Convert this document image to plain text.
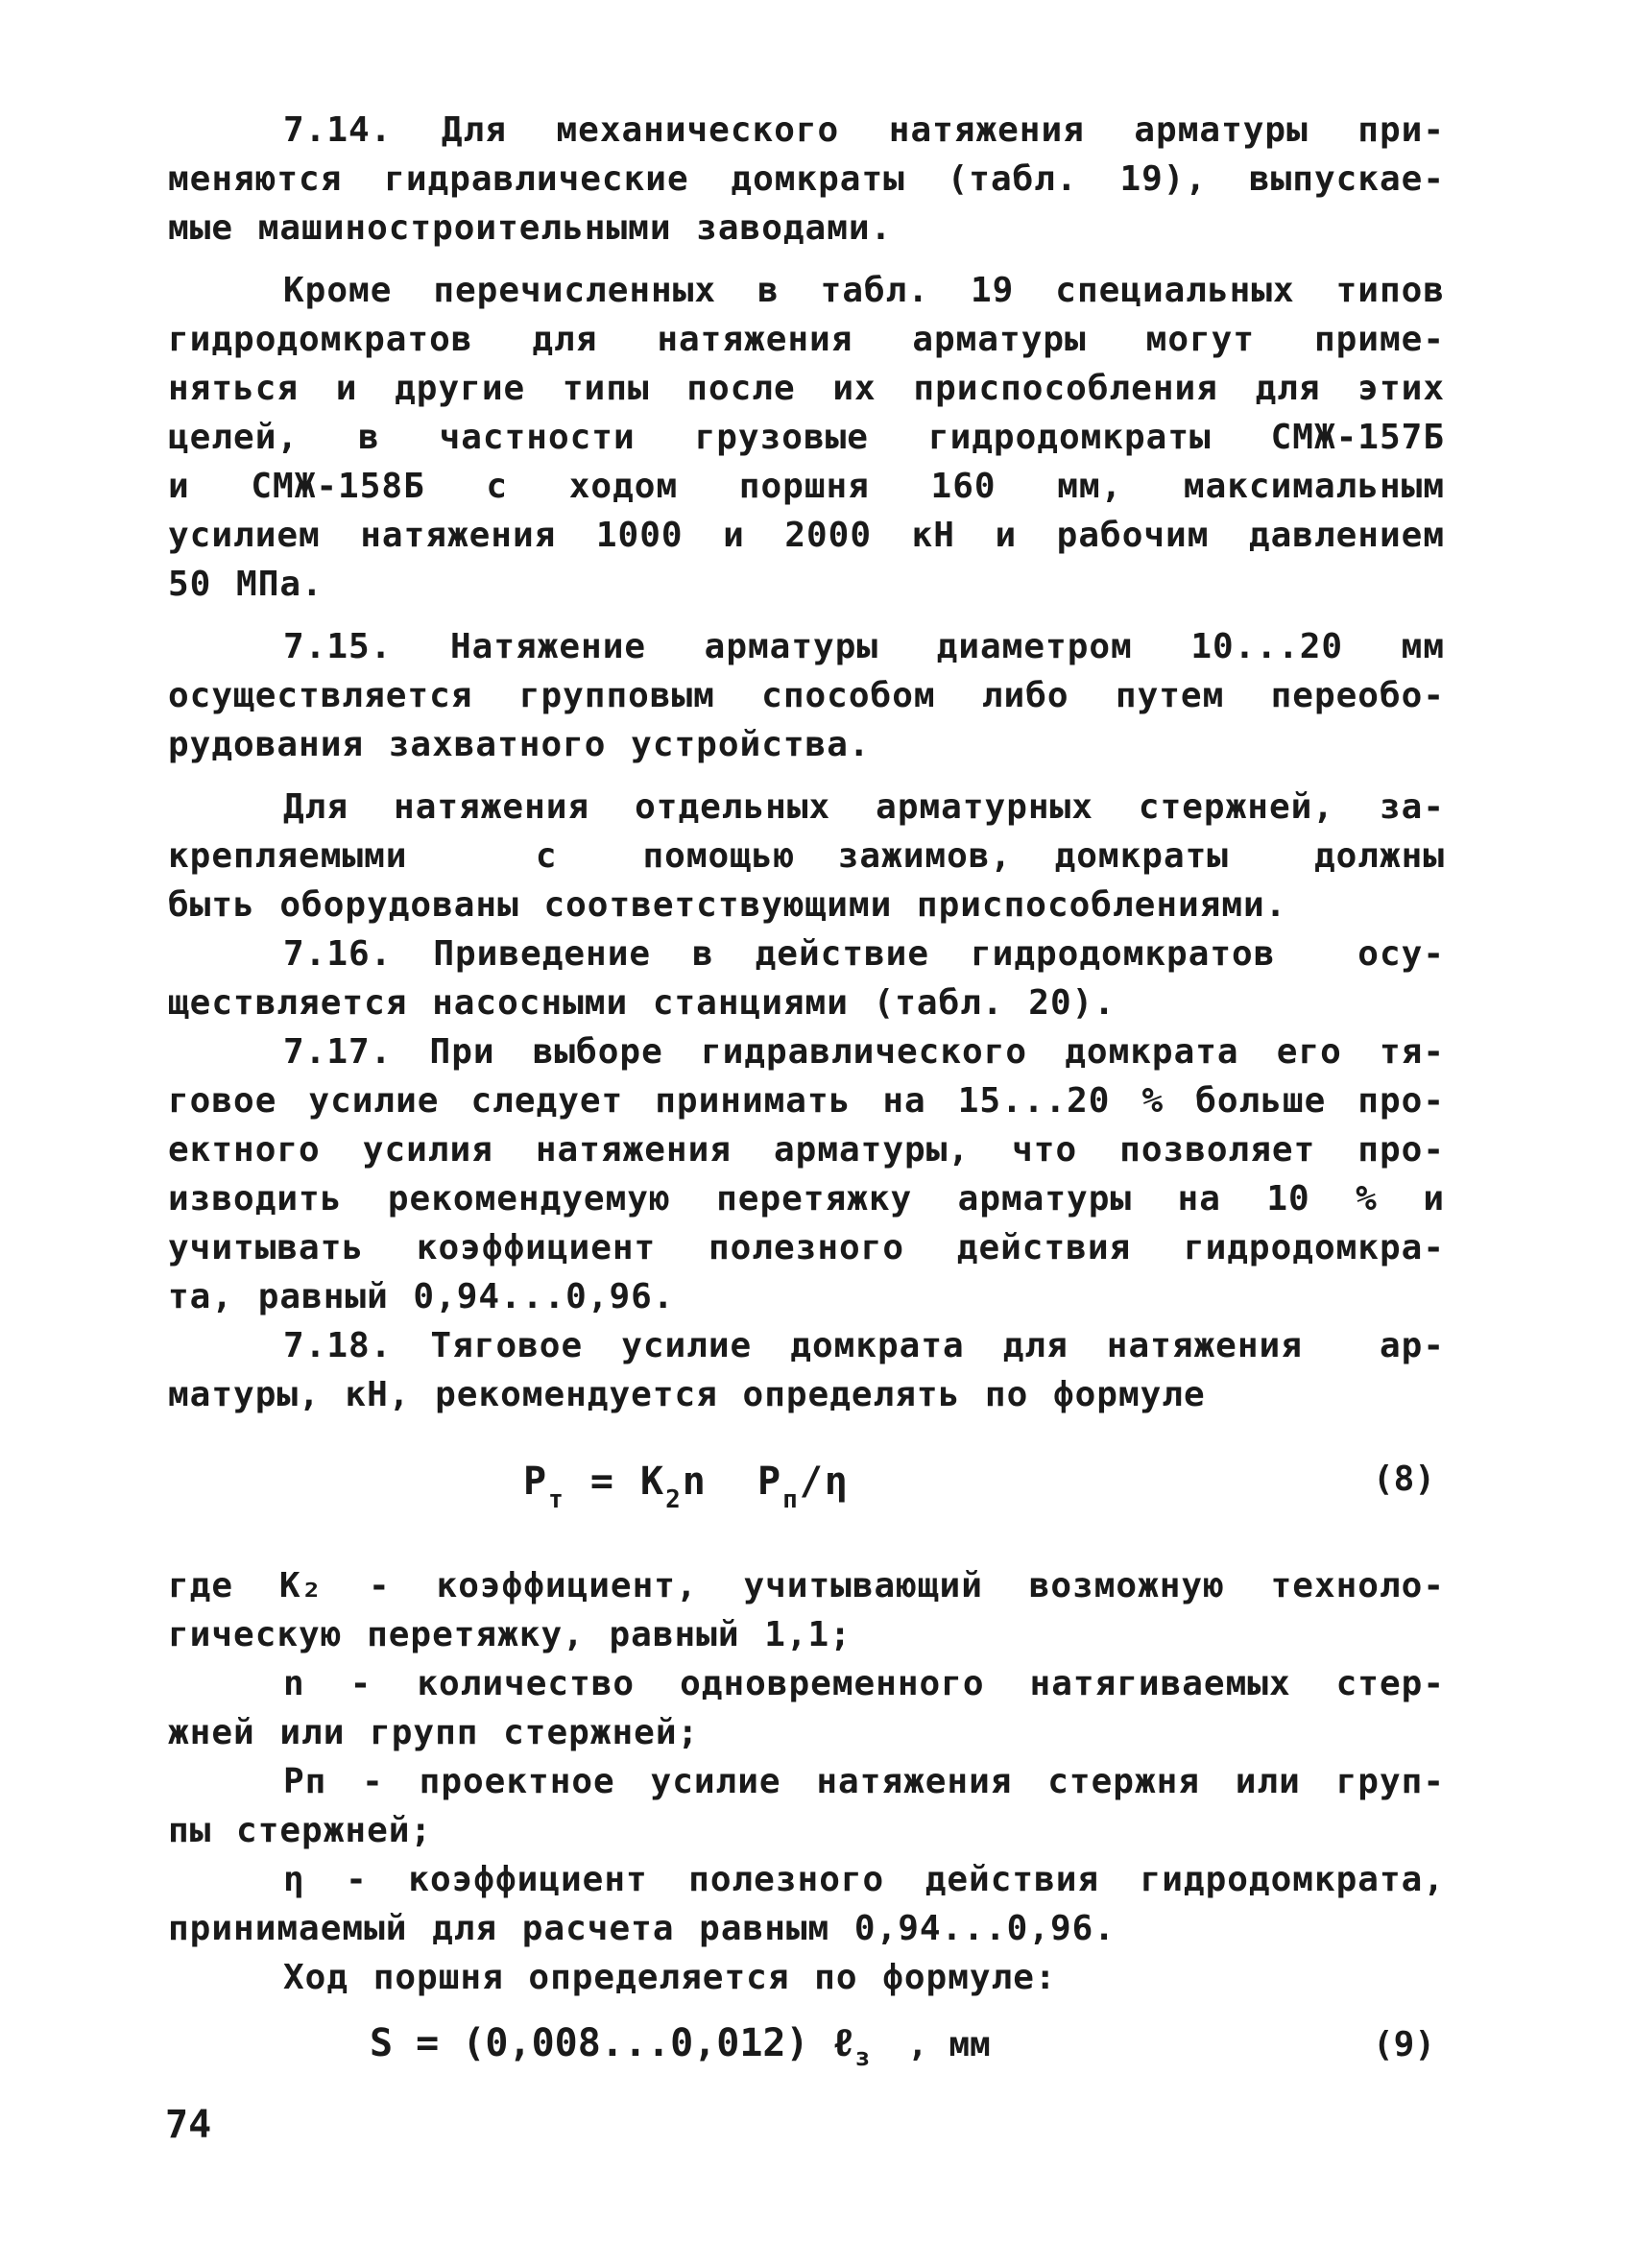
7.14. Для механического натяжения арматуры при-
меняются гидравлические домкраты (табл. 19), выпускае-
мые машиностроительными заводами.
Кроме перечисленных в табл. 19 специальных типов
гидродомкратов для натяжения арматуры могут приме-
няться и другие типы после их приспособления для этих
целей, в частности грузовые гидродомкраты СМЖ-157Б
и СМЖ-158Б с ходом поршня 160 мм, максимальным
усилием натяжения 1000 и 2000 кН и рабочим давлением
50 МПа.
7.15. Натяжение арматуры диаметром 10...20 мм
осуществляется групповым способом либо путем переобо-
рудования захватного устройства.
Для натяжения отдельных арматурных стержней, за-
крепляемыми   с  помощью зажимов, домкраты  должны
быть оборудованы соответствующими приспособлениями.
7.16. Приведение в действие гидродомкратов  осу-
ществляется насосными станциями (табл. 20).
7.17. При выборе гидравлического домкрата его тя-
говое усилие следует принимать на 15...20 % больше про-
ектного усилия натяжения арматуры, что позволяет про-
изводить рекомендуемую перетяжку арматуры на 10 % и
учитывать коэффициент полезного действия гидродомкра-
та, равный 0,94...0,96.
7.18. Тяговое усилие домкрата для натяжения  ар-
матуры, кН, рекомендуется определять по формуле
$P_т = K_2n$  $P_п/\eta$	(8)
где K₂ - коэффициент, учитывающий возможную техноло-
гическую перетяжку, равный 1,1;
n - количество одновременного натягиваемых стер-
жней или групп стержней;
Pп - проектное усилие натяжения стержня или груп-
пы стержней;
η - коэффициент полезного действия гидродомкрата,
принимаемый для расчета равным 0,94...0,96.
Ход поршня определяется по формуле:
S = (0,008...0,012) ℓ$_з$ , мм	(9)
74
